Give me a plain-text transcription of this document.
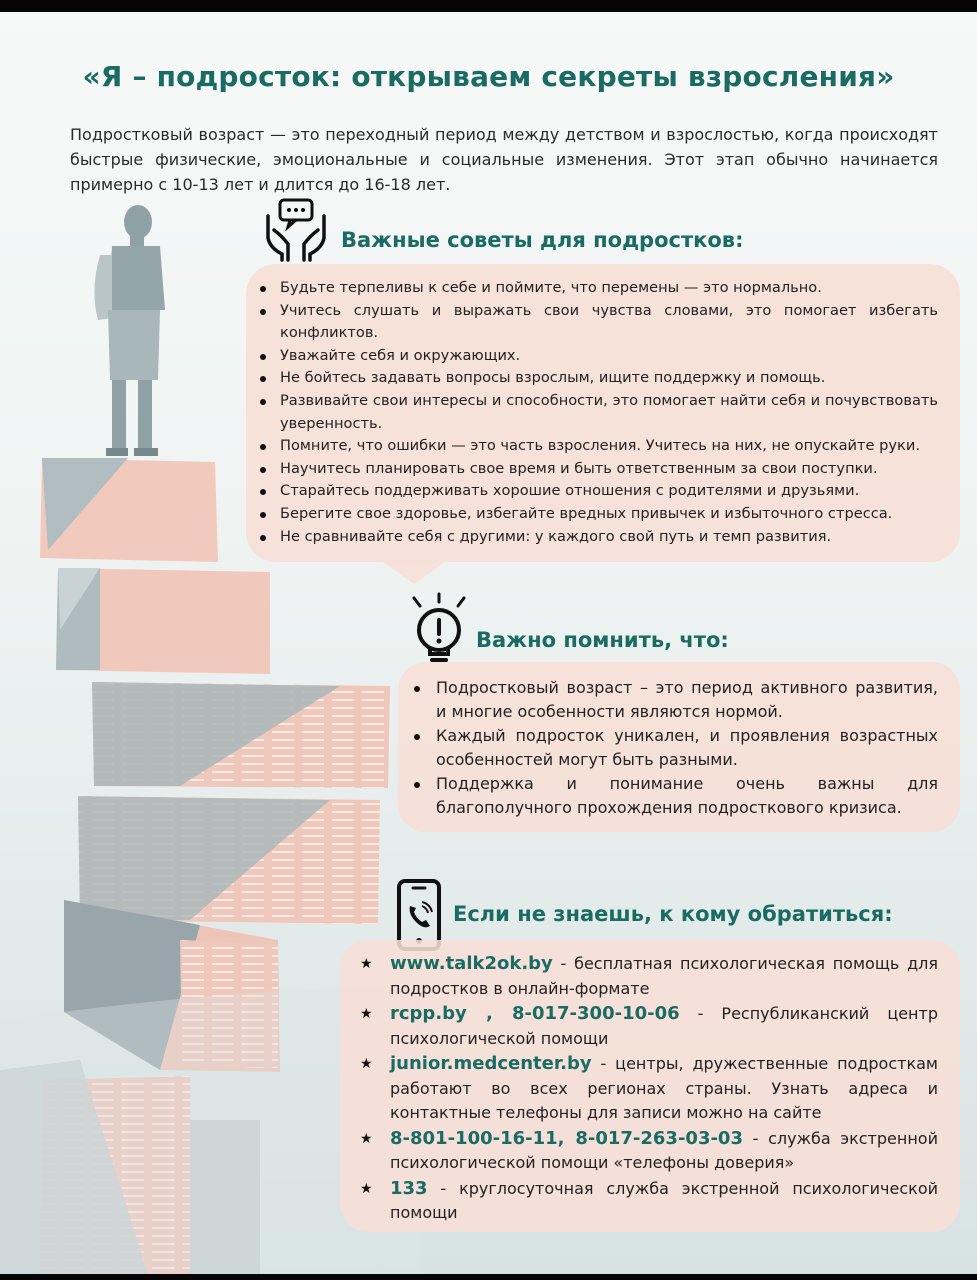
«Я – подросток: открываем секреты взросления»

Подростковый возраст — это переходный период между детством и взрослостью, когда происходят быстрые физические, эмоциональные и социальные изменения. Этот этап обычно начинается примерно с 10-13 лет и длится до 16-18 лет.

Важные советы для подростков:
Будьте терпеливы к себе и поймите, что перемены — это нормально.
Учитесь слушать и выражать свои чувства словами, это помогает избегать конфликтов.
Уважайте себя и окружающих.
Не бойтесь задавать вопросы взрослым, ищите поддержку и помощь.
Развивайте свои интересы и способности, это помогает найти себя и почувствовать уверенность.
Помните, что ошибки — это часть взросления. Учитесь на них, не опускайте руки.
Научитесь планировать свое время и быть ответственным за свои поступки.
Старайтесь поддерживать хорошие отношения с родителями и друзьями.
Берегите свое здоровье, избегайте вредных привычек и избыточного стресса.
Не сравнивайте себя с другими: у каждого свой путь и темп развития.
Важно помнить, что:
Подростковый возраст – это период активного развития, и многие особенности являются нормой.
Каждый подросток уникален, и проявления возрастных особенностей могут быть разными.
Поддержка и понимание очень важны для благополучного прохождения подросткового кризиса.
Если не знаешь, к кому обратиться:
★ www.talk2ok.by - бесплатная психологическая помощь для подростков в онлайн-формате
★ rcpp.by , 8-017-300-10-06 - Республиканский центр психологической помощи
★ junior.medcenter.by - центры, дружественные подросткам работают во всех регионах страны. Узнать адреса и контактные телефоны для записи можно на сайте
★ 8-801-100-16-11, 8-017-263-03-03 - служба экстренной психологической помощи «телефоны доверия»
★ 133 - круглосуточная служба экстренной психологической помощи
